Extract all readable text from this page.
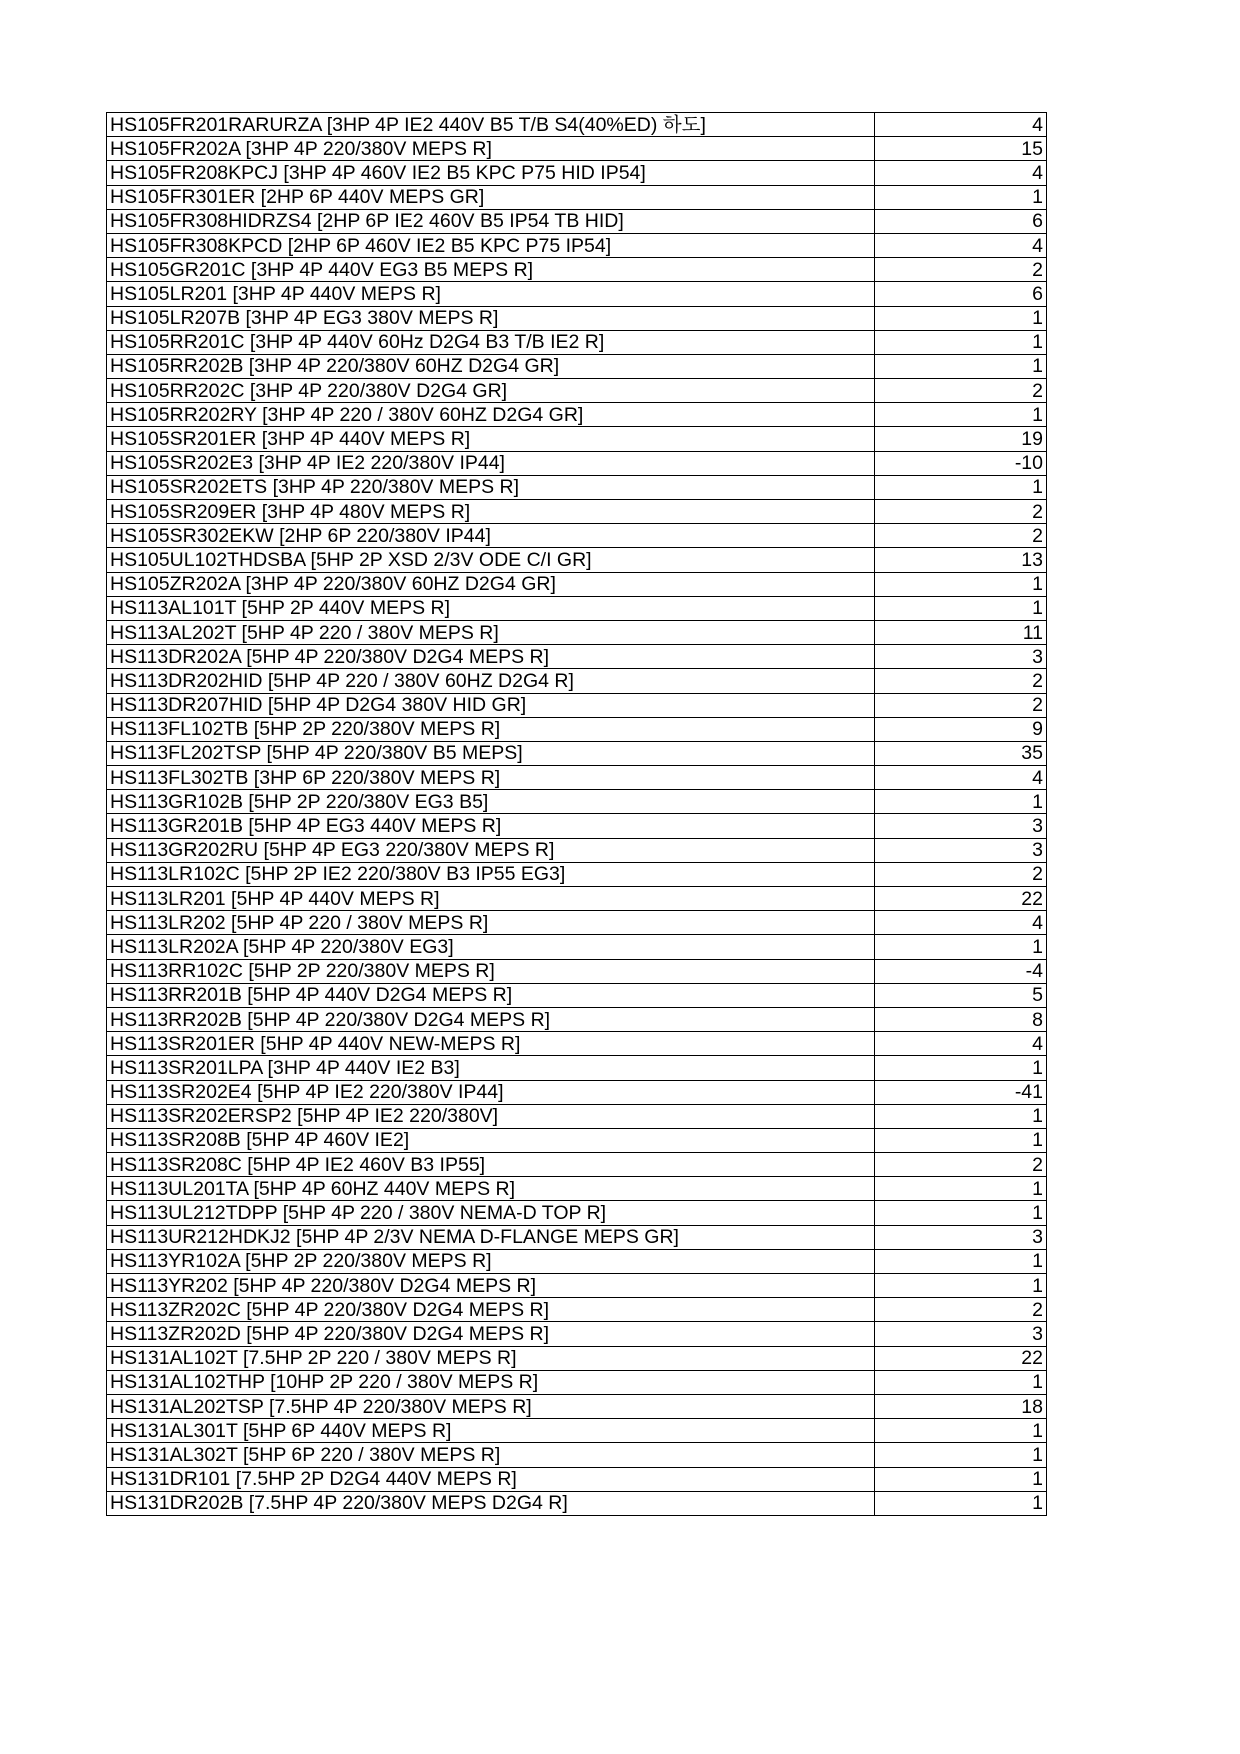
HS105FR201RARURZA [3HP 4P IE2 440V B5 T/B S4(40%ED) 하도]	4
HS105FR202A [3HP 4P 220/380V MEPS R]	15
HS105FR208KPCJ [3HP 4P 460V IE2 B5 KPC P75 HID IP54]	4
HS105FR301ER [2HP 6P 440V MEPS GR]	1
HS105FR308HIDRZS4 [2HP 6P IE2 460V B5 IP54 TB HID]	6
HS105FR308KPCD [2HP 6P 460V IE2 B5 KPC P75 IP54]	4
HS105GR201C [3HP 4P 440V EG3 B5 MEPS R]	2
HS105LR201 [3HP 4P 440V MEPS R]	6
HS105LR207B [3HP 4P EG3 380V MEPS R]	1
HS105RR201C [3HP 4P 440V 60Hz D2G4 B3 T/B IE2 R]	1
HS105RR202B [3HP 4P 220/380V 60HZ D2G4 GR]	1
HS105RR202C [3HP 4P 220/380V D2G4 GR]	2
HS105RR202RY [3HP 4P 220 / 380V 60HZ D2G4 GR]	1
HS105SR201ER [3HP 4P 440V MEPS R]	19
HS105SR202E3 [3HP 4P IE2 220/380V IP44]	-10
HS105SR202ETS [3HP 4P 220/380V MEPS R]	1
HS105SR209ER [3HP 4P 480V MEPS R]	2
HS105SR302EKW [2HP 6P 220/380V IP44]	2
HS105UL102THDSBA [5HP 2P XSD 2/3V ODE C/I GR]	13
HS105ZR202A [3HP 4P 220/380V 60HZ D2G4 GR]	1
HS113AL101T [5HP 2P 440V MEPS R]	1
HS113AL202T [5HP 4P 220 / 380V MEPS R]	11
HS113DR202A [5HP 4P 220/380V D2G4 MEPS R]	3
HS113DR202HID [5HP 4P 220 / 380V 60HZ D2G4 R]	2
HS113DR207HID [5HP 4P D2G4 380V HID GR]	2
HS113FL102TB [5HP 2P 220/380V MEPS R]	9
HS113FL202TSP [5HP 4P 220/380V B5 MEPS]	35
HS113FL302TB [3HP 6P 220/380V MEPS R]	4
HS113GR102B [5HP 2P 220/380V EG3 B5]	1
HS113GR201B [5HP 4P EG3 440V MEPS R]	3
HS113GR202RU [5HP 4P EG3 220/380V MEPS R]	3
HS113LR102C [5HP 2P IE2 220/380V B3 IP55 EG3]	2
HS113LR201 [5HP 4P 440V MEPS R]	22
HS113LR202 [5HP 4P 220 / 380V MEPS R]	4
HS113LR202A [5HP 4P 220/380V EG3]	1
HS113RR102C [5HP 2P 220/380V MEPS R]	-4
HS113RR201B [5HP 4P 440V D2G4 MEPS R]	5
HS113RR202B [5HP 4P 220/380V D2G4 MEPS R]	8
HS113SR201ER [5HP 4P 440V NEW-MEPS R]	4
HS113SR201LPA [3HP 4P 440V IE2 B3]	1
HS113SR202E4 [5HP 4P IE2 220/380V IP44]	-41
HS113SR202ERSP2 [5HP 4P IE2 220/380V]	1
HS113SR208B [5HP 4P 460V IE2]	1
HS113SR208C [5HP 4P IE2 460V B3 IP55]	2
HS113UL201TA [5HP 4P 60HZ 440V MEPS R]	1
HS113UL212TDPP [5HP 4P 220 / 380V NEMA-D TOP R]	1
HS113UR212HDKJ2 [5HP 4P 2/3V NEMA D-FLANGE MEPS GR]	3
HS113YR102A [5HP 2P 220/380V MEPS R]	1
HS113YR202 [5HP 4P 220/380V D2G4 MEPS R]	1
HS113ZR202C [5HP 4P 220/380V D2G4 MEPS R]	2
HS113ZR202D [5HP 4P 220/380V D2G4 MEPS R]	3
HS131AL102T [7.5HP 2P 220 / 380V MEPS R]	22
HS131AL102THP [10HP 2P 220 / 380V MEPS R]	1
HS131AL202TSP [7.5HP 4P 220/380V MEPS R]	18
HS131AL301T [5HP 6P 440V MEPS R]	1
HS131AL302T [5HP 6P 220 / 380V MEPS R]	1
HS131DR101 [7.5HP 2P D2G4 440V MEPS R]	1
HS131DR202B [7.5HP 4P 220/380V MEPS D2G4 R]	1
